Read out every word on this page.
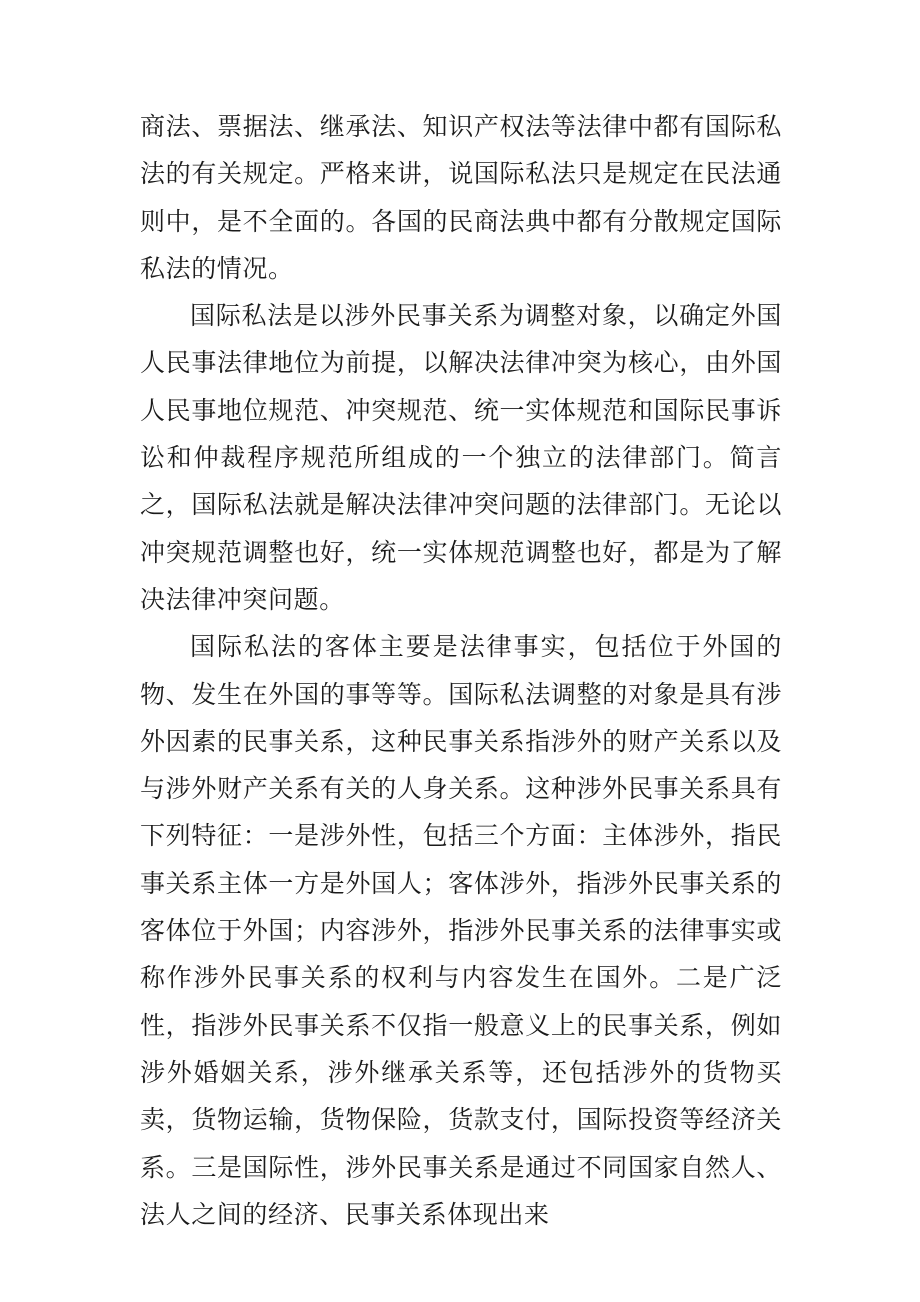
商法、票据法、继承法、知识产权法等法律中都有国际私法的有关规定。严格来讲，说国际私法只是规定在民法通则中，是不全面的。各国的民商法典中都有分散规定国际私法的情况。

国际私法是以涉外民事关系为调整对象，以确定外国人民事法律地位为前提，以解决法律冲突为核心，由外国人民事地位规范、冲突规范、统一实体规范和国际民事诉讼和仲裁程序规范所组成的一个独立的法律部门。简言之，国际私法就是解决法律冲突问题的法律部门。无论以冲突规范调整也好，统一实体规范调整也好，都是为了解决法律冲突问题。

国际私法的客体主要是法律事实，包括位于外国的物、发生在外国的事等等。国际私法调整的对象是具有涉外因素的民事关系，这种民事关系指涉外的财产关系以及与涉外财产关系有关的人身关系。这种涉外民事关系具有下列特征：一是涉外性，包括三个方面：主体涉外，指民事关系主体一方是外国人；客体涉外，指涉外民事关系的客体位于外国；内容涉外，指涉外民事关系的法律事实或称作涉外民事关系的权利与内容发生在国外。二是广泛性，指涉外民事关系不仅指一般意义上的民事关系，例如涉外婚姻关系，涉外继承关系等，还包括涉外的货物买卖，货物运输，货物保险，货款支付，国际投资等经济关系。三是国际性，涉外民事关系是通过不同国家自然人、法人之间的经济、民事关系体现出来
